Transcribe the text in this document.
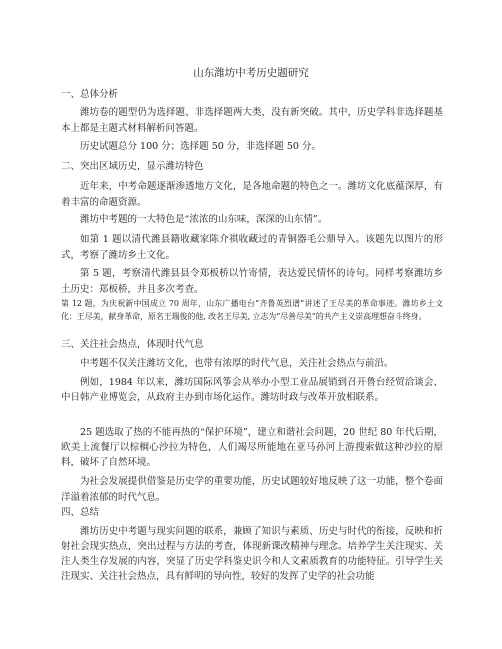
山东潍坊中考历史题研究
一、总体分析
潍坊卷的题型仍为选择题、非选择题两大类，没有新突破。其中，历史学科非选择题基本上都是主题式材料解析问答题。
历史试题总分 100 分；选择题 50 分，非选择题 50 分。
二、突出区域历史，显示潍坊特色
近年来，中考命题逐渐渗透地方文化，是各地命题的特色之一。潍坊文化底蕴深厚，有着丰富的命题资源。
潍坊中考题的一大特色是“浓浓的山东味，深深的山东情”。
如第 1 题以清代潍县籍收藏家陈介祺收藏过的青铜器毛公鼎导入。该题先以图片的形式，考察了潍坊乡土文化。
第 5 题，考察清代潍县县令郑板桥以竹寄情，表达爱民情怀的诗句。同样考察潍坊乡土历史：郑板桥，并且多次考查。
第 12 题，为庆祝新中国成立 70 周年，山东广播电台“齐鲁英烈谱”讲述了王尽美的革命事迹。潍坊乡土文化：王尽美，献身革命，原名王瑞俊的他, 改名王尽美, 立志为“尽善尽美”的共产主义崇高理想奋斗终身。
三、关注社会热点，体现时代气息
中考题不仅关注潍坊文化，也带有浓厚的时代气息，关注社会热点与前沿。
例如，1984 年以来，潍坊国际风筝会从举办小型工业品展销到召开鲁台经贸洽谈会、中日韩产业博览会，从政府主办到市场化运作。潍坊时政与改革开放相联系。
25 题选取了热的不能再热的“保护环境”，建立和谐社会问题，20 世纪 80 年代后期，欧美上流餐厅以棕榈心沙拉为特色，人们竭尽所能地在亚马孙河上游搜索做这种沙拉的原料，破坏了自然环境。
为社会发展提供借鉴是历史学的重要功能，历史试题较好地反映了这一功能，整个卷面洋溢着浓郁的时代气息。
四、总结
潍坊历史中考题与现实问题的联系，兼顾了知识与素质、历史与时代的衔接，反映和折射社会现实热点，突出过程与方法的考查，体现新课改精神与理念。培养学生关注现实、关注人类生存发展的内容，突显了历史学科鉴史识今和人文素质教育的功能特征。引导学生关注现实、关注社会热点，具有鲜明的导向性，较好的发挥了史学的社会功能
